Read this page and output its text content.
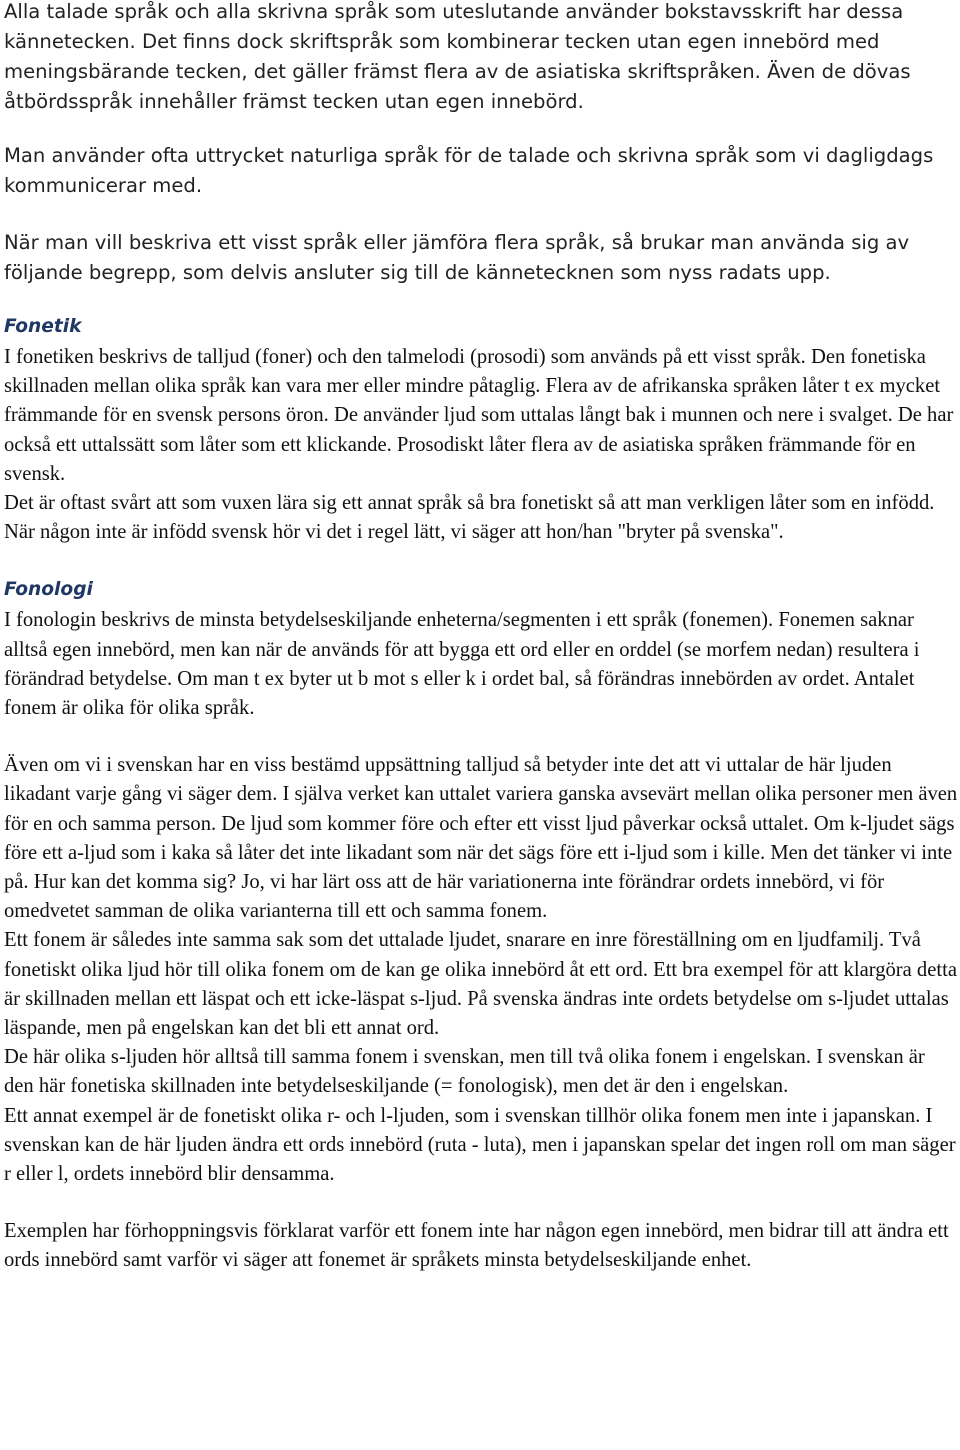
Alla talade språk och alla skrivna språk som uteslutande använder bokstavsskrift har dessa kännetecken. Det finns dock skriftspråk som kombinerar tecken utan egen innebörd med meningsbärande tecken, det gäller främst flera av de asiatiska skriftspråken. Även de dövas åtbördsspråk innehåller främst tecken utan egen innebörd.

Man använder ofta uttrycket naturliga språk för de talade och skrivna språk som vi dagligdags kommunicerar med.

När man vill beskriva ett visst språk eller jämföra flera språk, så brukar man använda sig av följande begrepp, som delvis ansluter sig till de kännetecknen som nyss radats upp.

Fonetik

I fonetiken beskrivs de talljud (foner) och den talmelodi (prosodi) som används på ett visst språk. Den fonetiska skillnaden mellan olika språk kan vara mer eller mindre påtaglig. Flera av de afrikanska språken låter t ex mycket främmande för en svensk persons öron. De använder ljud som uttalas långt bak i munnen och nere i svalget. De har också ett uttalssätt som låter som ett klickande. Prosodiskt låter flera av de asiatiska språken främmande för en svensk.

Det är oftast svårt att som vuxen lära sig ett annat språk så bra fonetiskt så att man verkligen låter som en infödd. När någon inte är infödd svensk hör vi det i regel lätt, vi säger att hon/han "bryter på svenska".

Fonologi

I fonologin beskrivs de minsta betydelseskiljande enheterna/segmenten i ett språk (fonemen). Fonemen saknar alltså egen innebörd, men kan när de används för att bygga ett ord eller en orddel (se morfem nedan) resultera i förändrad betydelse. Om man t ex byter ut b mot s eller k i ordet bal, så förändras innebörden av ordet. Antalet fonem är olika för olika språk.

Även om vi i svenskan har en viss bestämd uppsättning talljud så betyder inte det att vi uttalar de här ljuden likadant varje gång vi säger dem. I själva verket kan uttalet variera ganska avsevärt mellan olika personer men även för en och samma person. De ljud som kommer före och efter ett visst ljud påverkar också uttalet. Om k-ljudet sägs före ett a-ljud som i kaka så låter det inte likadant som när det sägs före ett i-ljud som i kille. Men det tänker vi inte på. Hur kan det komma sig? Jo, vi har lärt oss att de här variationerna inte förändrar ordets innebörd, vi för omedvetet samman de olika varianterna till ett och samma fonem.

Ett fonem är således inte samma sak som det uttalade ljudet, snarare en inre föreställning om en ljudfamilj. Två fonetiskt olika ljud hör till olika fonem om de kan ge olika innebörd åt ett ord. Ett bra exempel för att klargöra detta är skillnaden mellan ett läspat och ett icke-läspat s-ljud. På svenska ändras inte ordets betydelse om s-ljudet uttalas läspande, men på engelskan kan det bli ett annat ord.

De här olika s-ljuden hör alltså till samma fonem i svenskan, men till två olika fonem i engelskan. I svenskan är den här fonetiska skillnaden inte betydelseskiljande (= fonologisk), men det är den i engelskan.

Ett annat exempel är de fonetiskt olika r- och l-ljuden, som i svenskan tillhör olika fonem men inte i japanskan. I svenskan kan de här ljuden ändra ett ords innebörd (ruta - luta), men i japanskan spelar det ingen roll om man säger r eller l, ordets innebörd blir densamma.

Exemplen har förhoppningsvis förklarat varför ett fonem inte har någon egen innebörd, men bidrar till att ändra ett ords innebörd samt varför vi säger att fonemet är språkets minsta betydelseskiljande enhet.
